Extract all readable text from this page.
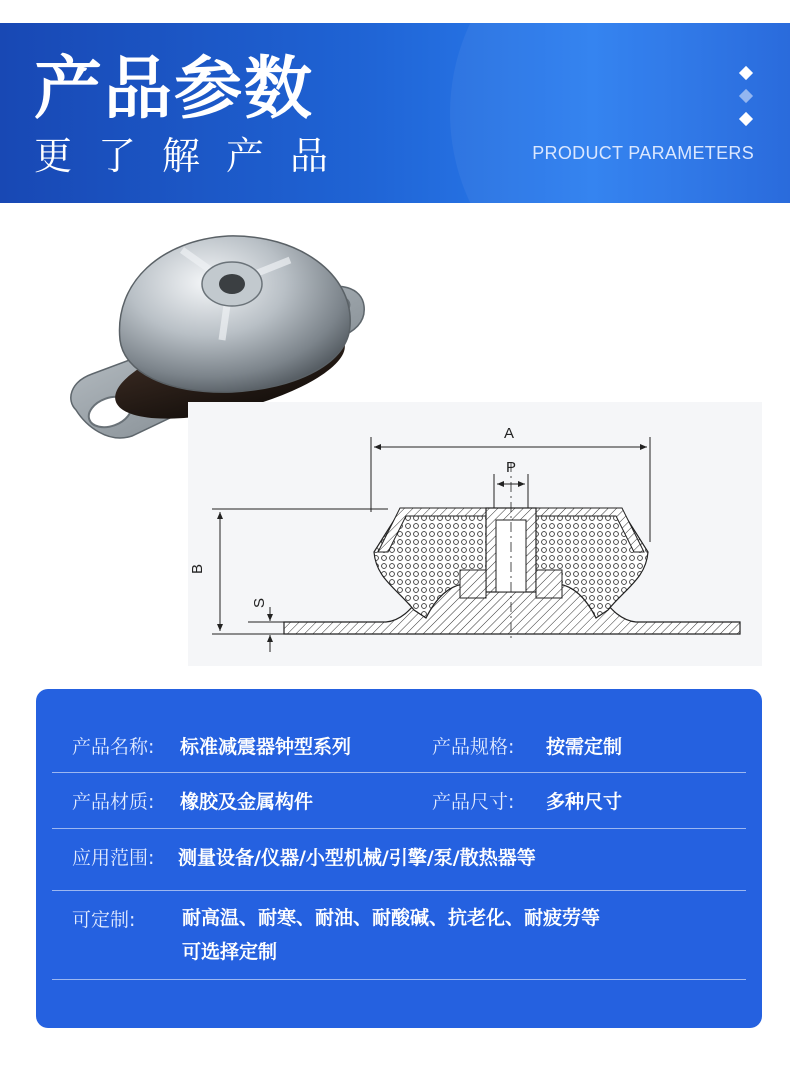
产品参数

更了解产品	PRODUCT PARAMETERS
A
P
B
S
产品名称: 标准减震器钟型系列	产品规格: 按需定制
产品材质: 橡胶及金属构件	产品尺寸: 多种尺寸
应用范围: 测量设备/仪器/小型机械/引擎/泵/散热器等
可定制: 耐高温、耐寒、耐油、耐酸碱、抗老化、耐疲劳等
可选择定制
